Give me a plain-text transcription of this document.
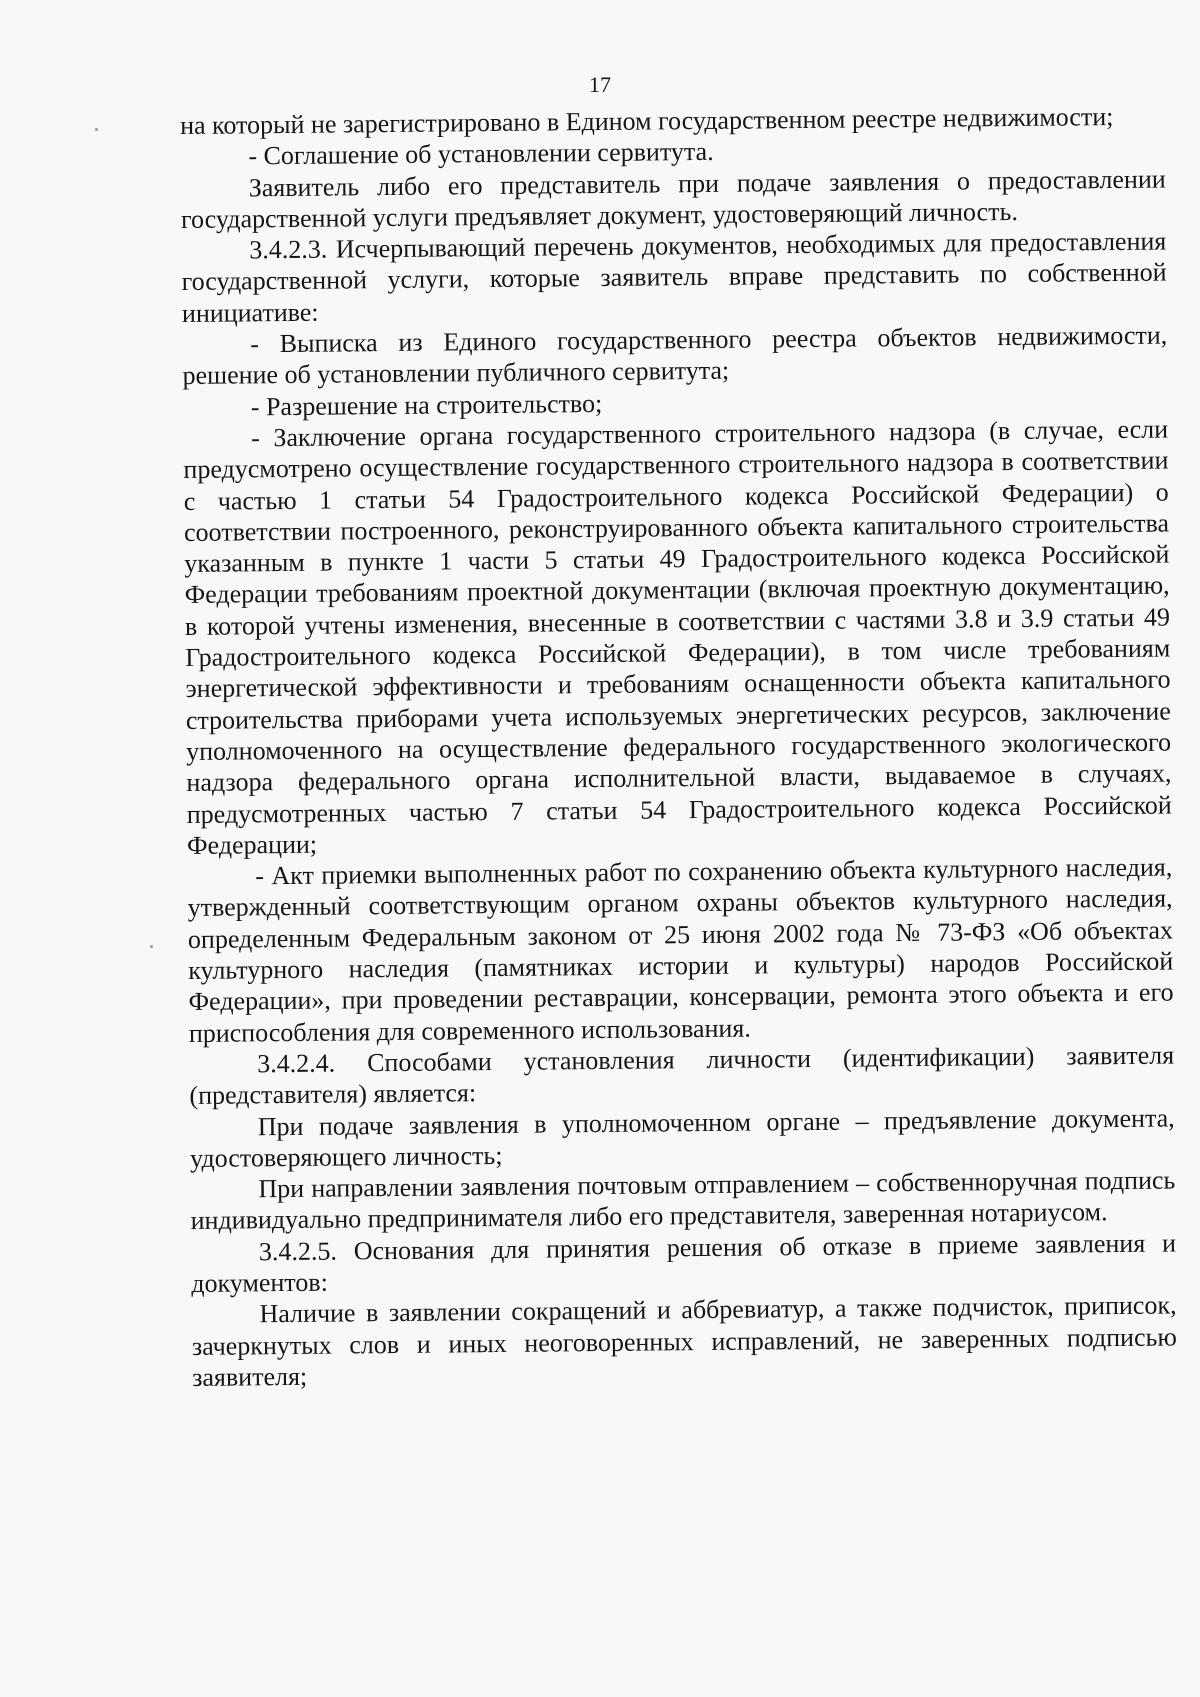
17

на который не зарегистрировано в Едином государственном реестре недвижимости;

- Соглашение об установлении сервитута.

Заявитель либо его представитель при подаче заявления о предоставлении государственной услуги предъявляет документ, удостоверяющий личность.

3.4.2.3. Исчерпывающий перечень документов, необходимых для предоставления государственной услуги, которые заявитель вправе представить по собственной инициативе:

- Выписка из Единого государственного реестра объектов недвижимости, решение об установлении публичного сервитута;

- Разрешение на строительство;

- Заключение органа государственного строительного надзора (в случае, если предусмотрено осуществление государственного строительного надзора в соответствии с частью 1 статьи 54 Градостроительного кодекса Российской Федерации) о соответствии построенного, реконструированного объекта капитального строительства указанным в пункте 1 части 5 статьи 49 Градостроительного кодекса Российской Федерации требованиям проектной документации (включая проектную документацию, в которой учтены изменения, внесенные в соответствии с частями 3.8 и 3.9 статьи 49 Градостроительного кодекса Российской Федерации), в том числе требованиям энергетической эффективности и требованиям оснащенности объекта капитального строительства приборами учета используемых энергетических ресурсов, заключение уполномоченного на осуществление федерального государственного экологического надзора федерального органа исполнительной власти, выдаваемое в случаях, предусмотренных частью 7 статьи 54 Градостроительного кодекса Российской Федерации;

- Акт приемки выполненных работ по сохранению объекта культурного наследия, утвержденный соответствующим органом охраны объектов культурного наследия, определенным Федеральным законом от 25 июня 2002 года № 73-ФЗ «Об объектах культурного наследия (памятниках истории и культуры) народов Российской Федерации», при проведении реставрации, консервации, ремонта этого объекта и его приспособления для современного использования.

3.4.2.4. Способами установления личности (идентификации) заявителя (представителя) является:

При подаче заявления в уполномоченном органе – предъявление документа, удостоверяющего личность;

При направлении заявления почтовым отправлением – собственноручная подпись индивидуально предпринимателя либо его представителя, заверенная нотариусом.

3.4.2.5. Основания для принятия решения об отказе в приеме заявления и документов:

Наличие в заявлении сокращений и аббревиатур, а также подчисток, приписок, зачеркнутых слов и иных неоговоренных исправлений, не заверенных подписью заявителя;
